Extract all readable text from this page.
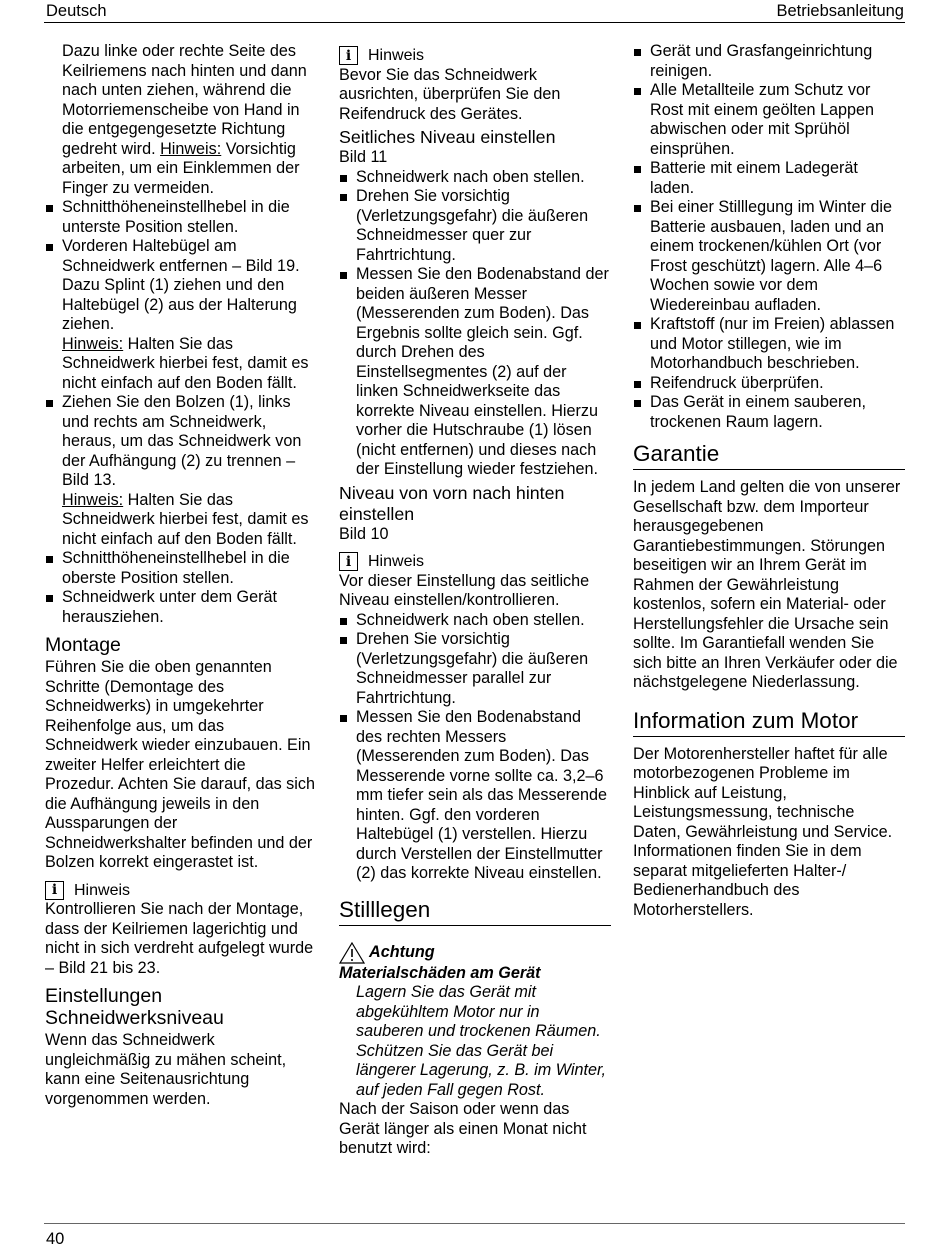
Deutsch	Betriebsanleitung

Dazu linke oder rechte Seite des Keilriemens nach hinten und dann nach unten ziehen, während die Motorriemenscheibe von Hand in die entgegengesetzte Richtung gedreht wird. Hinweis: Vorsichtig arbeiten, um ein Einklemmen der Finger zu vermeiden.

Schnitthöheneinstellhebel in die unterste Position stellen.
Vorderen Haltebügel am Schneidwerk entfernen – Bild 19. Dazu Splint (1) ziehen und den Haltebügel (2) aus der Halterung ziehen.
Hinweis: Halten Sie das Schneidwerk hierbei fest, damit es nicht einfach auf den Boden fällt.
Ziehen Sie den Bolzen (1), links und rechts am Schneidwerk, heraus, um das Schneidwerk von der Aufhängung (2) zu trennen – Bild 13.
Hinweis: Halten Sie das Schneidwerk hierbei fest, damit es nicht einfach auf den Boden fällt.
Schnitthöheneinstellhebel in die oberste Position stellen.
Schneidwerk unter dem Gerät herausziehen.
Montage

Führen Sie die oben genannten Schritte (Demontage des Schneidwerks) in umgekehrter Reihenfolge aus, um das Schneidwerk wieder einzubauen. Ein zweiter Helfer erleichtert die Prozedur. Achten Sie darauf, das sich die Aufhängung jeweils in den Aussparungen der Schneidwerkshalter befinden und der Bolzen korrekt eingerastet ist.

i	Hinweis

Kontrollieren Sie nach der Montage, dass der Keilriemen lagerichtig und nicht in sich verdreht aufgelegt wurde – Bild 21 bis 23.

Einstellungen Schneidwerksniveau

Wenn das Schneidwerk ungleichmäßig zu mähen scheint, kann eine Seitenausrichtung vorgenommen werden.

i	Hinweis

Bevor Sie das Schneidwerk ausrichten, überprüfen Sie den Reifendruck des Gerätes.

Seitliches Niveau einstellen

Bild 11

Schneidwerk nach oben stellen.
Drehen Sie vorsichtig (Verletzungsgefahr) die äußeren Schneidmesser quer zur Fahrtrichtung.
Messen Sie den Bodenabstand der beiden äußeren Messer (Messerenden zum Boden). Das Ergebnis sollte gleich sein. Ggf. durch Drehen des Einstellsegmentes (2) auf der linken Schneidwerkseite das korrekte Niveau einstellen. Hierzu vorher die Hutschraube (1) lösen (nicht entfernen) und dieses nach der Einstellung wieder festziehen.
Niveau von vorn nach hinten einstellen

Bild 10

i	Hinweis

Vor dieser Einstellung das seitliche Niveau einstellen/kontrollieren.

Schneidwerk nach oben stellen.
Drehen Sie vorsichtig (Verletzungsgefahr) die äußeren Schneidmesser parallel zur Fahrtrichtung.
Messen Sie den Bodenabstand des rechten Messers (Messerenden zum Boden). Das Messerende vorne sollte ca. 3,2–6 mm tiefer sein als das Messerende hinten. Ggf. den vorderen Haltebügel (1) verstellen. Hierzu durch Verstellen der Einstellmutter (2) das korrekte Niveau einstellen.
Stilllegen
Achtung

Materialschäden am Gerät

Lagern Sie das Gerät mit abgekühltem Motor nur in sauberen und trockenen Räumen. Schützen Sie das Gerät bei längerer Lagerung, z. B. im Winter, auf jeden Fall gegen Rost.

Nach der Saison oder wenn das Gerät länger als einen Monat nicht benutzt wird:

Gerät und Grasfangeinrichtung reinigen.
Alle Metallteile zum Schutz vor Rost mit einem geölten Lappen abwischen oder mit Sprühöl einsprühen.
Batterie mit einem Ladegerät laden.
Bei einer Stilllegung im Winter die Batterie ausbauen, laden und an einem trockenen/kühlen Ort (vor Frost geschützt) lagern. Alle 4–6 Wochen sowie vor dem Wiedereinbau aufladen.
Kraftstoff (nur im Freien) ablassen und Motor stillegen, wie im Motorhandbuch beschrieben.
Reifendruck überprüfen.
Das Gerät in einem sauberen, trockenen Raum lagern.
Garantie

In jedem Land gelten die von unserer Gesellschaft bzw. dem Importeur herausgegebenen Garantiebestimmungen. Störungen beseitigen wir an Ihrem Gerät im Rahmen der Gewährleistung kostenlos, sofern ein Material- oder Herstellungsfehler die Ursache sein sollte. Im Garantiefall wenden Sie sich bitte an Ihren Verkäufer oder die nächstgelegene Niederlassung.

Information zum Motor

Der Motorenhersteller haftet für alle motorbezogenen Probleme im Hinblick auf Leistung, Leistungsmessung, technische Daten, Gewährleistung und Service. Informationen finden Sie in dem separat mitgelieferten Halter-/ Bedienerhandbuch des Motorherstellers.

40
